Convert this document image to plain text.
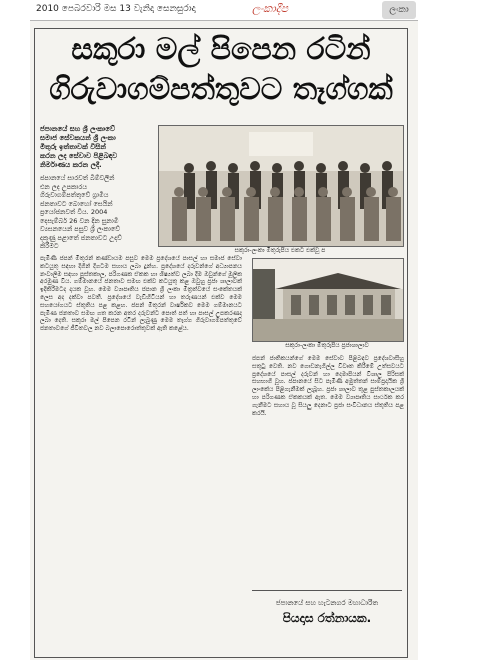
2010 පෙබරවාරි මස 13 වැනිදා සෙනසුරාදා	ලංකාදීප	ලංකා
සකුරා මල් පිපෙන රටින්
ගිරුවාගම්පත්තුවට තෑග්ගක්
ජපානයේ සහ ශ්‍රී ලංකාවේ සමාජ සේවකයන් ශ්‍රී ලංකා මිතුරු ඉත්තාවක් විසින් කරන ලද සේවාව පිළිබඳව නිර්මාණය කරන ලදී.
ජපානයේ සාරවත් බිම්වලින් එන ලද උපකාරය ගිරුවාගම්පත්තුවේ ග්‍රාමීය ජනතාවට බොහෝ සෙයින් ප්‍රයෝජනවත් විය. 2004 දෙසැම්බර් 26 වන දින සුනාමි ව්‍යසනයෙන් පසුව ශ්‍රී ලංකාවේ දකුණු පළාතේ ජනතාවට උදව් කිරීමට
සකුරා-ලංකා මිතුරුපිය එකට එක්වූ ප
පැමිණි ජපන් මිතුරන් කණ්ඩායම පසුව මෙම ප්‍රදේශයේ පාසල් හා සමාජ සේවා කටයුතු සඳහා දිගින් දිගටම සහාය ලබා දුන්හ. ප්‍රදේශයේ දරුවන්ගේ අධ්‍යාපනය නංවාලීම සඳහා පුස්තකාල, පරිගණක ඒකක හා ශිෂ්‍යත්ව ලබා දීම ඔවුන්ගේ මූලික අරමුණ විය. ගම්මානයේ ජනතාව සමඟ එක්ව කටයුතු කළ ඔවුහු ප්‍රජා ශාලාවක් ඉදිකිරීමටද දායක වූහ. මෙම ව්‍යාපෘතිය ජපාන ශ්‍රී ලංකා මිත්‍රත්වයේ සංකේතයක් ලෙස අද දක්වා පවතී. ප්‍රදේශයේ වැඩිහිටියන් හා තරුණයන් එක්ව මෙම සහයෝගයට ස්තූතිය පළ කළහ. ජපන් මිතුරන් වාර්ෂිකව මෙම ගම්මානයට පැමිණ ජනතාව සමඟ ගත කරන අතර දරුවන්ට පොත් පත් හා පාසල් උපකරණද ලබා දෙති. සකුරා මල් පිපෙන රටින් ලැබුණු මෙම තෑග්ග ගිරුවාගම්පත්තුවේ ජනතාවගේ ජීවිතවල නව බලාපොරොත්තුවක් ඇති කළේය.
සකුරා-ලංකා මිතුරුපිය ප්‍රජාශාලාව
ජපන් ජාතිකයන්ගේ මෙම සේවාව පිළිබඳව ප්‍රදේශවාසීහු සතුටු වෙති. නව ගොඩනැගිල්ල විවෘත කිරීමේ උත්සවයට ප්‍රදේශයේ පාසල් දරුවන් හා දෙමාපියන් විශාල පිරිසක් සහභාගි වූහ. ජපානයේ සිට පැමිණි අමුත්තන් සාම්ප්‍රදායික ශ්‍රී ලාංකේය පිළිගැනීමක් ලැබූහ. ප්‍රජා ශාලාව තුළ පුස්තකාලයක් හා පරිගණක ඒකකයක් ඇත. මෙම ව්‍යාපෘතිය සාර්ථක කර ගැනීමට සහාය වූ සියලු දෙනාට ප්‍රජා සංවිධානය ස්තූතිය පළ කරයි.
ජපානයේ සහ හැටනගර මහාධාරිත
පියදාස රත්නායක.
